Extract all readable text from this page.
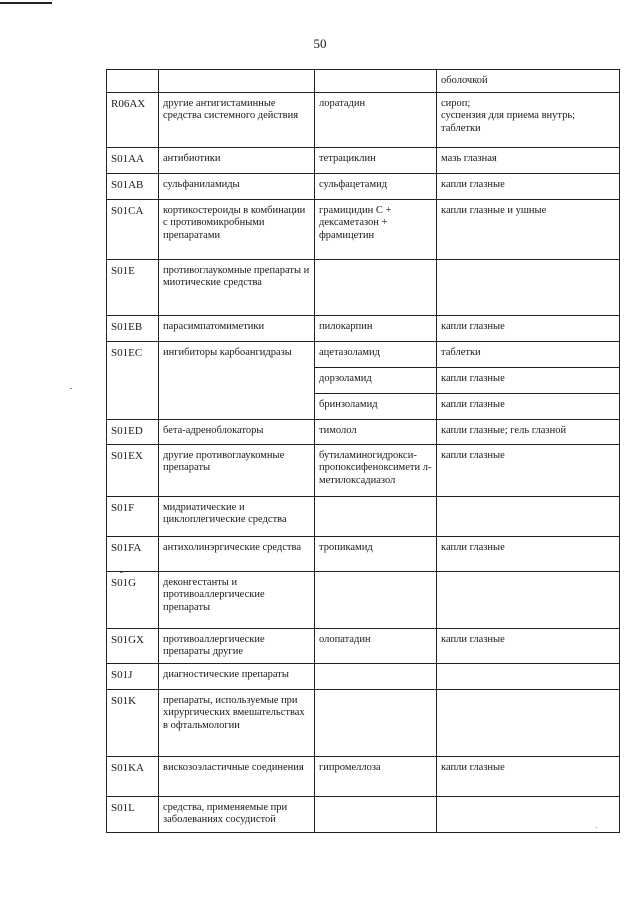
50
			оболочкой
R06AX	другие антигистаминные средства системного действия	лоратадин	сироп;
суспензия для приема внутрь;
таблетки
S01AA	антибиотики	тетрациклин	мазь глазная
S01AB	сульфаниламиды	сульфацетамид	капли глазные
S01CA	кортикостероиды в комбинации с противомикробными препаратами	грамицидин С + дексаметазон + фрамицетин	капли глазные и ушные
S01E	противоглаукомные препараты и миотические средства		
S01EB	парасимпатомиметики	пилокарпин	капли глазные
S01EC	ингибиторы карбоангидразы	ацетазоламид	таблетки
		дорзоламид	капли глазные
		бринзоламид	капли глазные
S01ED	бета-адреноблокаторы	тимолол	капли глазные; гель глазной
S01EX	другие противоглаукомные препараты	бутиламиногидрокси-пропоксифеноксимети л-метилоксадиазол	капли глазные
S01F	мидриатические и циклоплегические средства		
S01FA	антихолинэргические средства	тропикамид	капли глазные
S01G	деконгестанты и противоаллергические препараты		
S01GX	противоаллергические препараты другие	олопатадин	капли глазные
S01J	диагностические препараты		
S01K	препараты, используемые при хирургических вмешательствах в офтальмологии		
S01KA	вискозоэластичные соединения	гипромеллоза	капли глазные
S01L	средства, применяемые при заболеваниях сосудистой		
